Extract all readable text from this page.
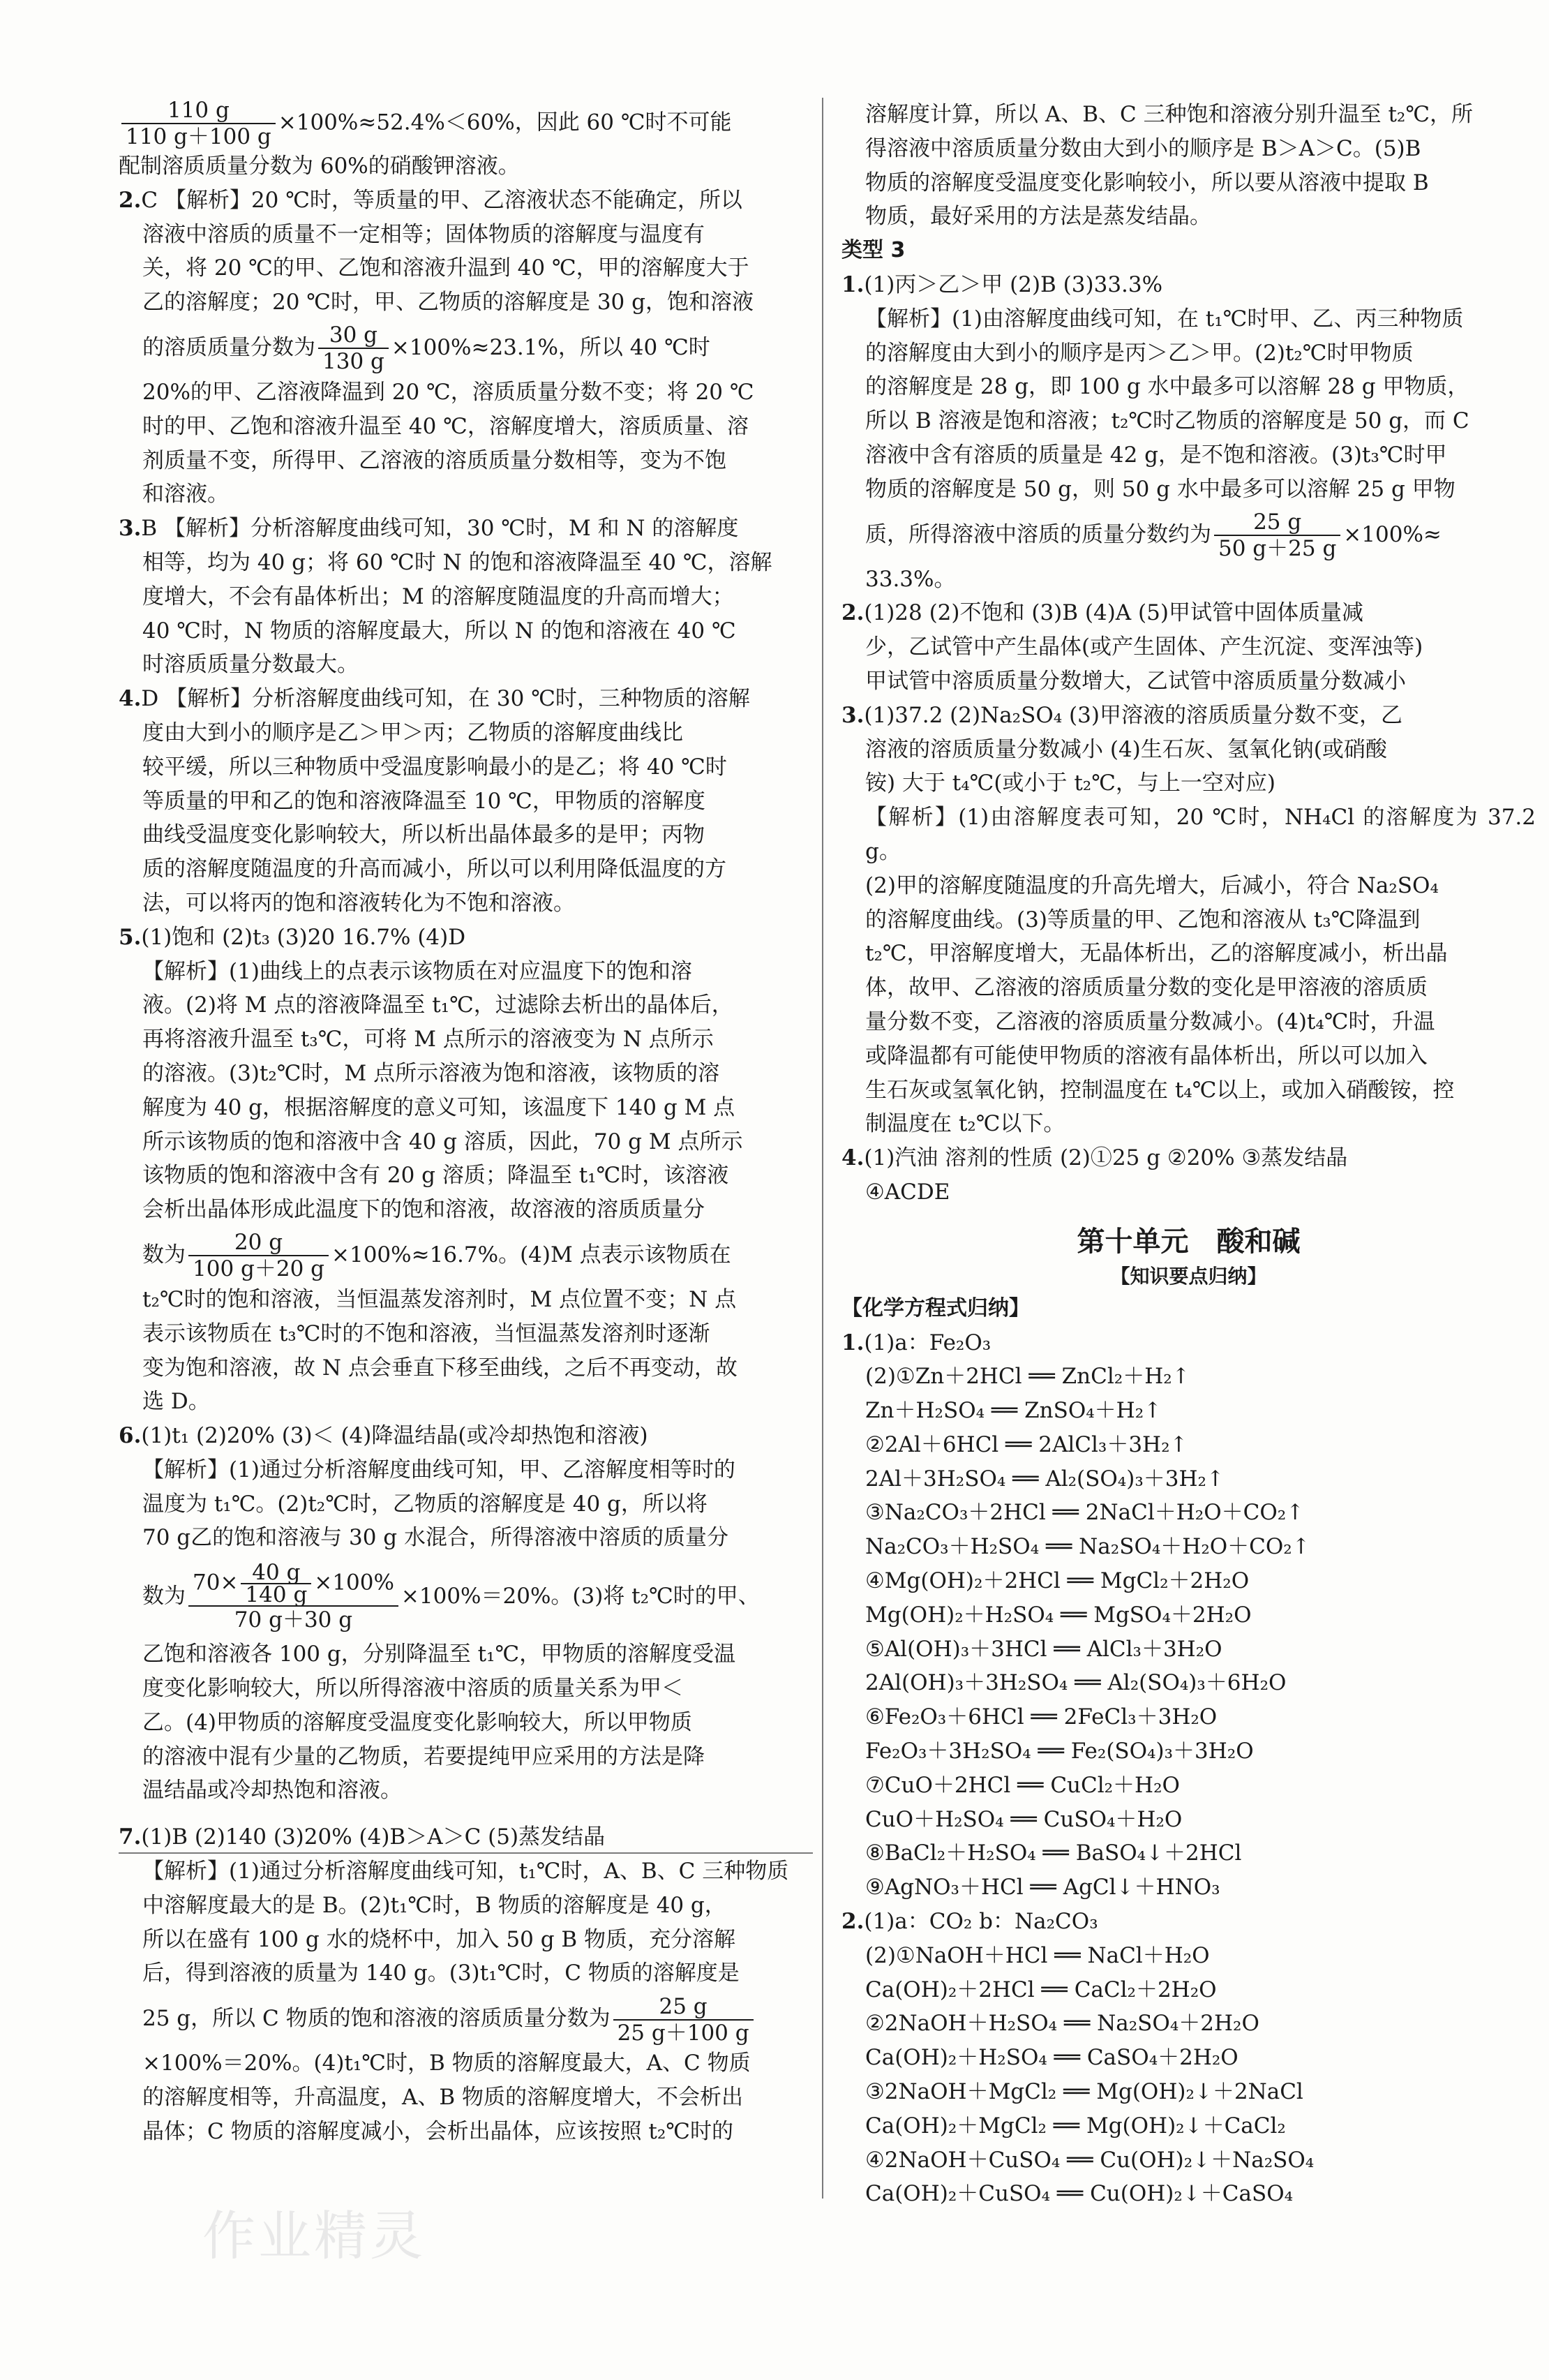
$\frac{110 g}{110 g+100 g} \times 100\%\approx 52.4\%<60\%$，因此 60 ℃时不可能

配制溶质质量分数为 60%的硝酸钾溶液。

2.C 【解析】20 ℃时，等质量的甲、乙溶液状态不能确定，所以

溶液中溶质的质量不一定相等；固体物质的溶解度与温度有

关，将 20 ℃的甲、乙饱和溶液升温到 40 ℃，甲的溶解度大于

乙的溶解度；20 ℃时，甲、乙物质的溶解度是 30 g，饱和溶液

的溶质质量分数为 $\frac{30 g}{130 g} \times 100\%\approx 23.1\%$，所以 40 ℃时

20%的甲、乙溶液降温到 20 ℃，溶质质量分数不变；将 20 ℃

时的甲、乙饱和溶液升温至 40 ℃，溶解度增大，溶质质量、溶

剂质量不变，所得甲、乙溶液的溶质质量分数相等，变为不饱

和溶液。

3.B 【解析】分析溶解度曲线可知，30 ℃时，M 和 N 的溶解度

相等，均为 40 g；将 60 ℃时 N 的饱和溶液降温至 40 ℃，溶解

度增大，不会有晶体析出；M 的溶解度随温度的升高而增大；

40 ℃时，N 物质的溶解度最大，所以 N 的饱和溶液在 40 ℃

时溶质质量分数最大。

4.D 【解析】分析溶解度曲线可知，在 30 ℃时，三种物质的溶解

度由大到小的顺序是乙＞甲＞丙；乙物质的溶解度曲线比

较平缓，所以三种物质中受温度影响最小的是乙；将 40 ℃时

等质量的甲和乙的饱和溶液降温至 10 ℃，甲物质的溶解度

曲线受温度变化影响较大，所以析出晶体最多的是甲；丙物

质的溶解度随温度的升高而减小，所以可以利用降低温度的方

法，可以将丙的饱和溶液转化为不饱和溶液。

5.(1)饱和 (2)t₃ (3)20 16.7% (4)D

【解析】(1)曲线上的点表示该物质在对应温度下的饱和溶

液。(2)将 M 点的溶液降温至 t₁℃，过滤除去析出的晶体后，

再将溶液升温至 t₃℃，可将 M 点所示的溶液变为 N 点所示

的溶液。(3)t₂℃时，M 点所示溶液为饱和溶液，该物质的溶

解度为 40 g，根据溶解度的意义可知，该温度下 140 g M 点

所示该物质的饱和溶液中含 40 g 溶质，因此，70 g M 点所示

该物质的饱和溶液中含有 20 g 溶质；降温至 t₁℃时，该溶液

会析出晶体形成此温度下的饱和溶液，故溶液的溶质质量分

数为 $\frac{20 g}{100 g+20 g} \times 100\%\approx 16.7\%$。(4)M 点表示该物质在

t₂℃时的饱和溶液，当恒温蒸发溶剂时，M 点位置不变；N 点

表示该物质在 t₃℃时的不饱和溶液，当恒温蒸发溶剂时逐渐

变为饱和溶液，故 N 点会垂直下移至曲线，之后不再变动，故

选 D。

6.(1)t₁ (2)20% (3)＜ (4)降温结晶(或冷却热饱和溶液)

【解析】(1)通过分析溶解度曲线可知，甲、乙溶解度相等时的

温度为 t₁℃。(2)t₂℃时，乙物质的溶解度是 40 g，所以将

70 g乙的饱和溶液与 30 g 水混合，所得溶液中溶质的质量分

数为 $\frac{70\times \frac{40 g}{140 g} \times 100\%}{70 g+30 g} \times 100\%=20\%$。(3)将 t₂℃时的甲、

乙饱和溶液各 100 g，分别降温至 t₁℃，甲物质的溶解度受温

度变化影响较大，所以所得溶液中溶质的质量关系为甲＜

乙。(4)甲物质的溶解度受温度变化影响较大，所以甲物质

的溶液中混有少量的乙物质，若要提纯甲应采用的方法是降

温结晶或冷却热饱和溶液。

7.(1)B (2)140 (3)20% (4)B＞A＞C (5)蒸发结晶

【解析】(1)通过分析溶解度曲线可知，t₁℃时，A、B、C 三种物质

中溶解度最大的是 B。(2)t₁℃时，B 物质的溶解度是 40 g，

所以在盛有 100 g 水的烧杯中，加入 50 g B 物质，充分溶解

后，得到溶液的质量为 140 g。(3)t₁℃时，C 物质的溶解度是

25 g，所以 C 物质的饱和溶液的溶质质量分数为 $\frac{25 g}{25 g+100 g}$

×100%＝20%。(4)t₁℃时，B 物质的溶解度最大，A、C 物质

的溶解度相等，升高温度，A、B 物质的溶解度增大，不会析出

晶体；C 物质的溶解度减小，会析出晶体，应该按照 t₂℃时的

溶解度计算，所以 A、B、C 三种饱和溶液分别升温至 t₂℃，所

得溶液中溶质质量分数由大到小的顺序是 B＞A＞C。(5)B

物质的溶解度受温度变化影响较小，所以要从溶液中提取 B

物质，最好采用的方法是蒸发结晶。

类型 3

1.(1)丙＞乙＞甲 (2)B (3)33.3%

【解析】(1)由溶解度曲线可知，在 t₁℃时甲、乙、丙三种物质

的溶解度由大到小的顺序是丙＞乙＞甲。(2)t₂℃时甲物质

的溶解度是 28 g，即 100 g 水中最多可以溶解 28 g 甲物质，

所以 B 溶液是饱和溶液；t₂℃时乙物质的溶解度是 50 g，而 C

溶液中含有溶质的质量是 42 g，是不饱和溶液。(3)t₃℃时甲

物质的溶解度是 50 g，则 50 g 水中最多可以溶解 25 g 甲物

质，所得溶液中溶质的质量分数约为 $\frac{25 g}{50 g+25 g} \times 100\%\approx$

33.3%。

2.(1)28 (2)不饱和 (3)B (4)A (5)甲试管中固体质量减

少，乙试管中产生晶体(或产生固体、产生沉淀、变浑浊等)

甲试管中溶质质量分数增大，乙试管中溶质质量分数减小

3.(1)37.2 (2)Na₂SO₄ (3)甲溶液的溶质质量分数不变，乙

溶液的溶质质量分数减小 (4)生石灰、氢氧化钠(或硝酸

铵) 大于 t₄℃(或小于 t₂℃，与上一空对应)

【解析】(1)由溶解度表可知，20 ℃时，NH₄Cl 的溶解度为 37.2 g。

(2)甲的溶解度随温度的升高先增大，后减小，符合 Na₂SO₄

的溶解度曲线。(3)等质量的甲、乙饱和溶液从 t₃℃降温到

t₂℃，甲溶解度增大，无晶体析出，乙的溶解度减小，析出晶

体，故甲、乙溶液的溶质质量分数的变化是甲溶液的溶质质

量分数不变，乙溶液的溶质质量分数减小。(4)t₄℃时，升温

或降温都有可能使甲物质的溶液有晶体析出，所以可以加入

生石灰或氢氧化钠，控制温度在 t₄℃以上，或加入硝酸铵，控

制温度在 t₂℃以下。

4.(1)汽油 溶剂的性质 (2)①25 g ②20% ③蒸发结晶

④ACDE

第十单元　酸和碱
【知识要点归纳】

【化学方程式归纳】

1.(1)a：Fe₂O₃

(2)①Zn＋2HCl ══ ZnCl₂＋H₂↑

Zn＋H₂SO₄ ══ ZnSO₄＋H₂↑

②2Al＋6HCl ══ 2AlCl₃＋3H₂↑

2Al＋3H₂SO₄ ══ Al₂(SO₄)₃＋3H₂↑

③Na₂CO₃＋2HCl ══ 2NaCl＋H₂O＋CO₂↑

Na₂CO₃＋H₂SO₄ ══ Na₂SO₄＋H₂O＋CO₂↑

④Mg(OH)₂＋2HCl ══ MgCl₂＋2H₂O

Mg(OH)₂＋H₂SO₄ ══ MgSO₄＋2H₂O

⑤Al(OH)₃＋3HCl ══ AlCl₃＋3H₂O

2Al(OH)₃＋3H₂SO₄ ══ Al₂(SO₄)₃＋6H₂O

⑥Fe₂O₃＋6HCl ══ 2FeCl₃＋3H₂O

Fe₂O₃＋3H₂SO₄ ══ Fe₂(SO₄)₃＋3H₂O

⑦CuO＋2HCl ══ CuCl₂＋H₂O

CuO＋H₂SO₄ ══ CuSO₄＋H₂O

⑧BaCl₂＋H₂SO₄ ══ BaSO₄↓＋2HCl

⑨AgNO₃＋HCl ══ AgCl↓＋HNO₃

2.(1)a：CO₂ b：Na₂CO₃

(2)①NaOH＋HCl ══ NaCl＋H₂O

Ca(OH)₂＋2HCl ══ CaCl₂＋2H₂O

②2NaOH＋H₂SO₄ ══ Na₂SO₄＋2H₂O

Ca(OH)₂＋H₂SO₄ ══ CaSO₄＋2H₂O

③2NaOH＋MgCl₂ ══ Mg(OH)₂↓＋2NaCl

Ca(OH)₂＋MgCl₂ ══ Mg(OH)₂↓＋CaCl₂

④2NaOH＋CuSO₄ ══ Cu(OH)₂↓＋Na₂SO₄

Ca(OH)₂＋CuSO₄ ══ Cu(OH)₂↓＋CaSO₄

作业精灵
